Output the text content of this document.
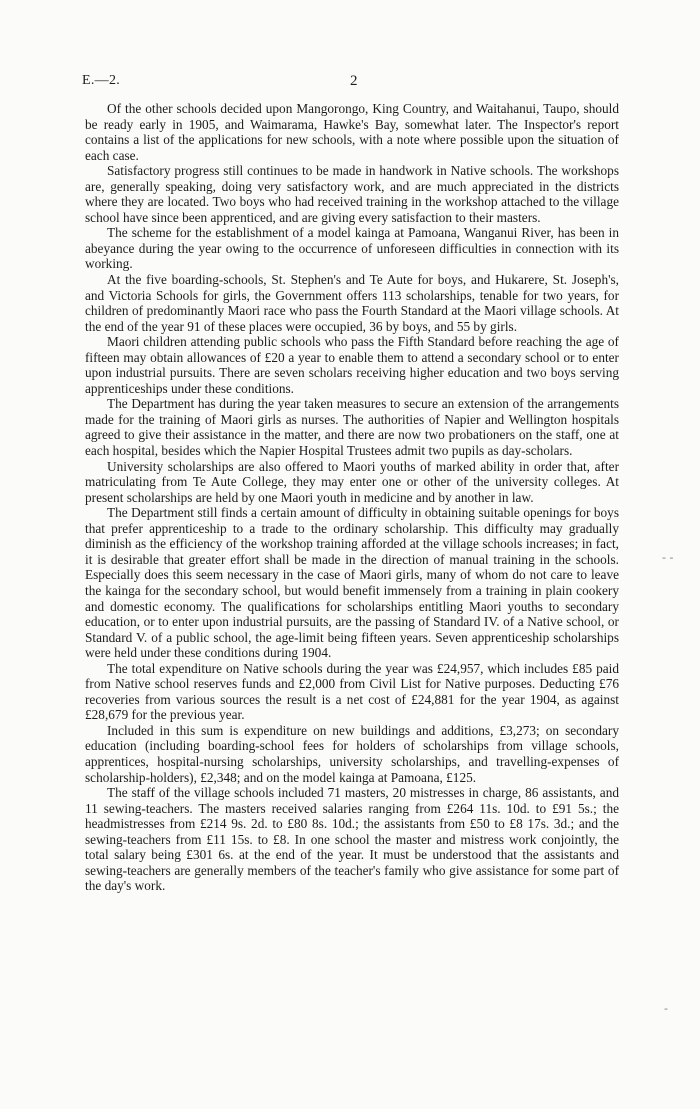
E.—2.	2

Of the other schools decided upon Mangorongo, King Country, and Waitahanui, Taupo, should be ready early in 1905, and Waimarama, Hawke's Bay, somewhat later. The Inspector's report contains a list of the applications for new schools, with a note where possible upon the situation of each case.

Satisfactory progress still continues to be made in handwork in Native schools. The workshops are, generally speaking, doing very satisfactory work, and are much appreciated in the districts where they are located. Two boys who had received training in the workshop attached to the village school have since been apprenticed, and are giving every satisfaction to their masters.

The scheme for the establishment of a model kainga at Pamoana, Wanganui River, has been in abeyance during the year owing to the occurrence of unforeseen difficulties in connection with its working.

At the five boarding-schools, St. Stephen's and Te Aute for boys, and Hukarere, St. Joseph's, and Victoria Schools for girls, the Government offers 113 scholarships, tenable for two years, for children of predominantly Maori race who pass the Fourth Standard at the Maori village schools. At the end of the year 91 of these places were occupied, 36 by boys, and 55 by girls.

Maori children attending public schools who pass the Fifth Standard before reaching the age of fifteen may obtain allowances of £20 a year to enable them to attend a secondary school or to enter upon industrial pursuits. There are seven scholars receiving higher education and two boys serving apprenticeships under these conditions.

The Department has during the year taken measures to secure an extension of the arrangements made for the training of Maori girls as nurses. The authorities of Napier and Wellington hospitals agreed to give their assistance in the matter, and there are now two probationers on the staff, one at each hospital, besides which the Napier Hospital Trustees admit two pupils as day-scholars.

University scholarships are also offered to Maori youths of marked ability in order that, after matriculating from Te Aute College, they may enter one or other of the university colleges. At present scholarships are held by one Maori youth in medicine and by another in law.

The Department still finds a certain amount of difficulty in obtaining suitable openings for boys that prefer apprenticeship to a trade to the ordinary scholarship. This difficulty may gradually diminish as the efficiency of the workshop training afforded at the village schools increases; in fact, it is desirable that greater effort shall be made in the direction of manual training in the schools. Especially does this seem necessary in the case of Maori girls, many of whom do not care to leave the kainga for the secondary school, but would benefit immensely from a training in plain cookery and domestic economy. The qualifications for scholarships entitling Maori youths to secondary education, or to enter upon industrial pursuits, are the passing of Standard IV. of a Native school, or Standard V. of a public school, the age-limit being fifteen years. Seven apprenticeship scholarships were held under these conditions during 1904.

The total expenditure on Native schools during the year was £24,957, which includes £85 paid from Native school reserves funds and £2,000 from Civil List for Native purposes. Deducting £76 recoveries from various sources the result is a net cost of £24,881 for the year 1904, as against £28,679 for the previous year.

Included in this sum is expenditure on new buildings and additions, £3,273; on secondary education (including boarding-school fees for holders of scholarships from village schools, apprentices, hospital-nursing scholarships, university scholarships, and travelling-expenses of scholarship-holders), £2,348; and on the model kainga at Pamoana, £125.

The staff of the village schools included 71 masters, 20 mistresses in charge, 86 assistants, and 11 sewing-teachers. The masters received salaries ranging from £264 11s. 10d. to £91 5s.; the headmistresses from £214 9s. 2d. to £80 8s. 10d.; the assistants from £50 to £8 17s. 3d.; and the sewing-teachers from £11 15s. to £8. In one school the master and mistress work conjointly, the total salary being £301 6s. at the end of the year. It must be understood that the assistants and sewing-teachers are generally members of the teacher's family who give assistance for some part of the day's work.

- -
-
